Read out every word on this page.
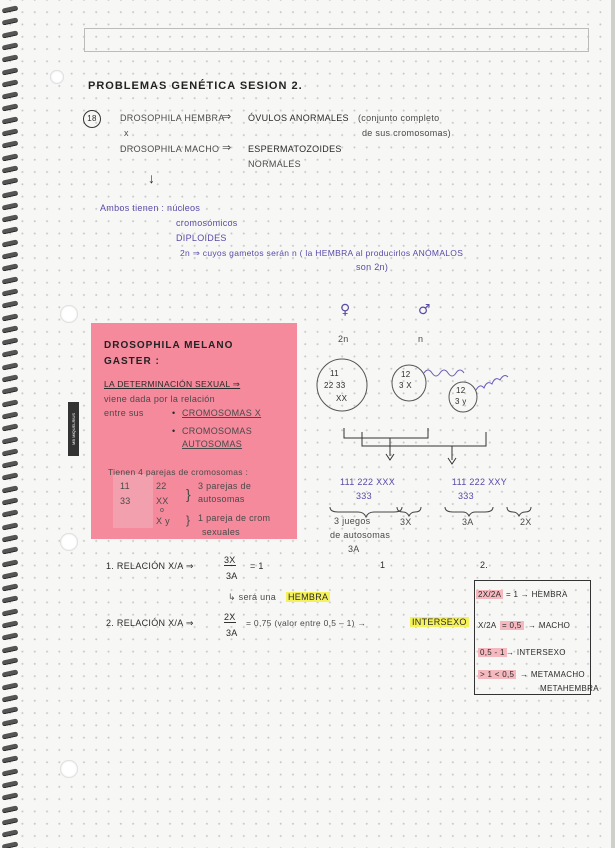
MB MIQUELRIUS
PROBLEMAS GENÉTICA SESION 2.
18	DROSOPHILA HEMBRA
⇒ ÓVULOS ANORMALES (conjunto completo
de sus cromosomas)
x
DROSOPHILA MACHO ⇒ ESPERMATOZOIDES
NORMALES
↓
Ambos tienen : núcleos
cromosómicos
DIPLOIDES
2n ⇒ cuyos gametos serán n ( la HEMBRA al producirlos ANÓMALOS
son 2n)
DROSOPHILA MELANO
GASTER :
LA DETERMINACIÓN SEXUAL ⇒
viene dada por la relación
entre sus	• CROMOSOMAS X
• CROMOSOMAS
AUTOSOMAS
Tienen 4 parejas de cromosomas :
11	22
33	XX
o
X y
} 3 parejas de
autosomas
} 1 pareja de crom
sexuales
♀	♂
2n	n
11
22 33
XX
12
3 X
12
3 y
111 222 XXX
333
111 222 XXY
333
3 juegos
de autosomas
3A
3X	3A	2X
1. RELACIÓN X/A ⇒
3X
3A
= 1	1	2.
↳ será una HEMBRA
2. RELACIÓN X/A ⇒
2X
3A
= 0,75 (valor entre 0,5 – 1) →	INTERSEXO
2X/2A = 1 → HEMBRA
X/2A = 0,5 → MACHO
0,5 - 1 → INTERSEXO
> 1 < 0,5 → METAMACHO
METAHEMBRA
